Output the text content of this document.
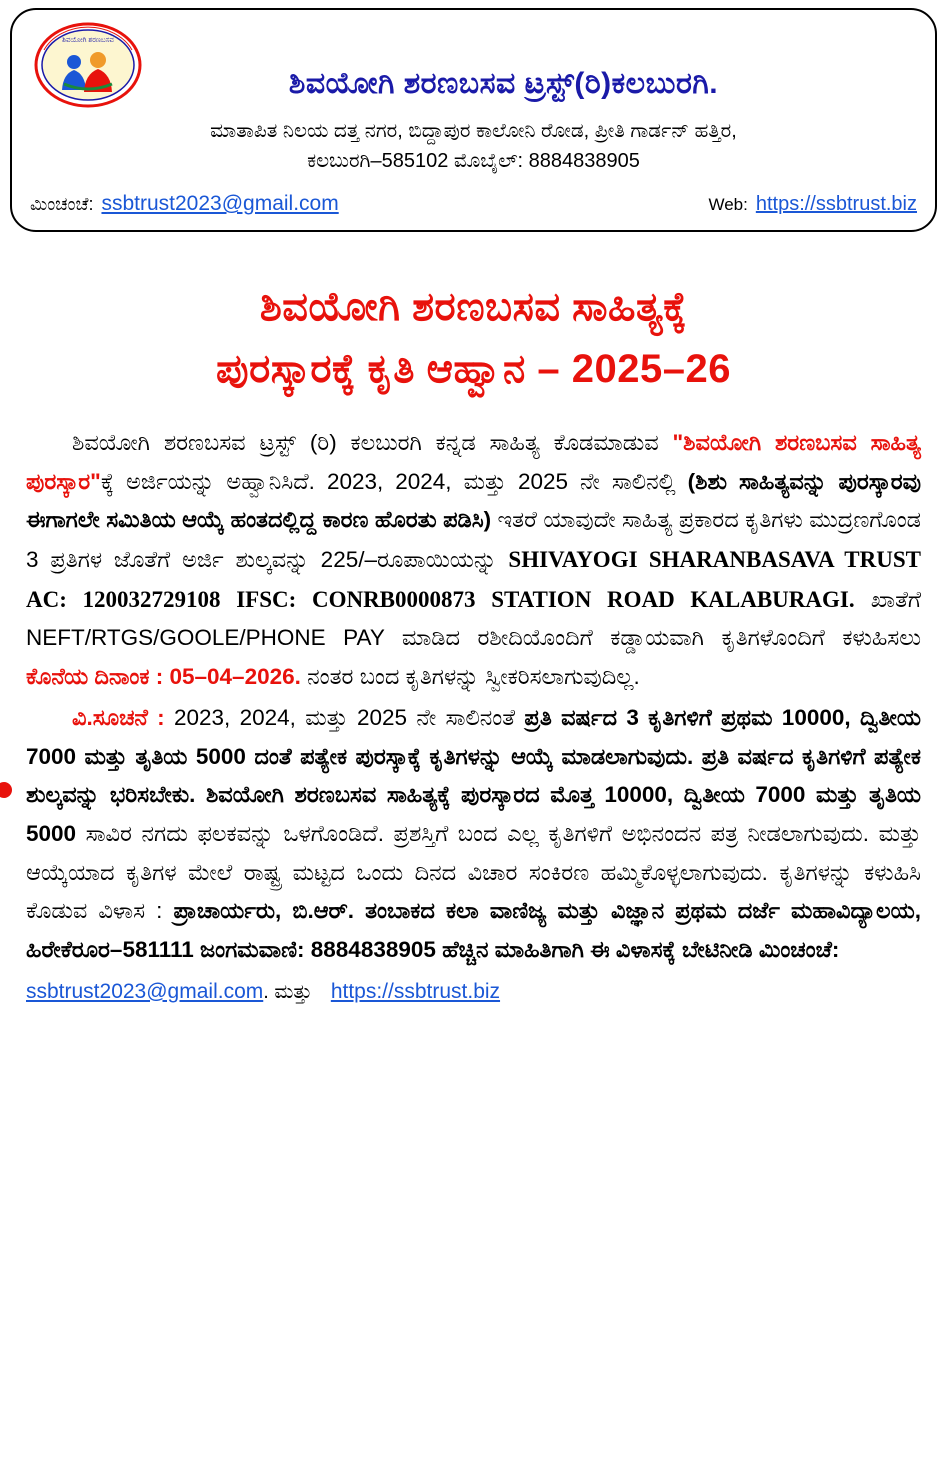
ಶಿವಯೋಗಿ ಶರಣಬಸವ
ಶಿವಯೋಗಿ ಶರಣಬಸವ ಟ್ರಸ್ಟ್(ರಿ)ಕಲಬುರಗಿ.
ಮಾತಾಪಿತ ನಿಲಯ ದತ್ತ ನಗರ, ಬಿದ್ದಾಪುರ ಕಾಲೋನಿ ರೋಡ, ಪ್ರೀತಿ ಗಾರ್ಡನ್ ಹತ್ತಿರ,
ಕಲಬುರಗಿ–585102 ಮೊಬೈಲ್: 8884838905
ಮಿಂಚಂಚೆ: ssbtrust2023@gmail.com	Web: https://ssbtrust.biz
ಶಿವಯೋಗಿ ಶರಣಬಸವ ಸಾಹಿತ್ಯಕ್ಕೆ
ಪುರಸ್ಕಾರಕ್ಕೆ ಕೃತಿ ಆಹ್ವಾನ – 2025–26

ಶಿವಯೋಗಿ ಶರಣಬಸವ ಟ್ರಸ್ಟ್ (ರಿ) ಕಲಬುರಗಿ ಕನ್ನಡ ಸಾಹಿತ್ಯ ಕೊಡಮಾಡುವ "ಶಿವಯೋಗಿ ಶರಣಬಸವ ಸಾಹಿತ್ಯ ಪುರಸ್ಕಾರ"ಕ್ಕೆ ಅರ್ಜಿಯನ್ನು ಅಹ್ವಾನಿಸಿದೆ. 2023, 2024, ಮತ್ತು 2025 ನೇ ಸಾಲಿನಲ್ಲಿ (ಶಿಶು ಸಾಹಿತ್ಯವನ್ನು ಪುರಸ್ಕಾರವು ಈಗಾಗಲೇ ಸಮಿತಿಯ ಆಯ್ಕೆ ಹಂತದಲ್ಲಿದ್ದ ಕಾರಣ ಹೊರತು ಪಡಿಸಿ) ಇತರೆ ಯಾವುದೇ ಸಾಹಿತ್ಯ ಪ್ರಕಾರದ ಕೃತಿಗಳು ಮುದ್ರಣಗೊಂಡ 3 ಪ್ರತಿಗಳ ಜೊತೆಗೆ ಅರ್ಜಿ ಶುಲ್ಕವನ್ನು 225/–ರೂಪಾಯಿಯನ್ನು SHIVAYOGI SHARANBASAVA TRUST AC: 120032729108 IFSC: CONRB0000873 STATION ROAD KALABURAGI. ಖಾತೆಗೆ NEFT/RTGS/GOOLE/PHONE PAY ಮಾಡಿದ ರಶೀದಿಯೊಂದಿಗೆ ಕಡ್ಡಾಯವಾಗಿ ಕೃತಿಗಳೊಂದಿಗೆ ಕಳುಹಿಸಲು ಕೊನೆಯ ದಿನಾಂಕ : 05–04–2026. ನಂತರ ಬಂದ ಕೃತಿಗಳನ್ನು ಸ್ವೀಕರಿಸಲಾಗುವುದಿಲ್ಲ.

ವಿ.ಸೂಚನೆ : 2023, 2024, ಮತ್ತು 2025 ನೇ ಸಾಲಿನಂತೆ ಪ್ರತಿ ವರ್ಷದ 3 ಕೃತಿಗಳಿಗೆ ಪ್ರಥಮ 10000, ದ್ವಿತೀಯ 7000 ಮತ್ತು ತೃತಿಯ 5000 ದಂತೆ ಪತ್ಯೇಕ ಪುರಸ್ಕಾಕ್ಕೆ ಕೃತಿಗಳನ್ನು ಆಯ್ಕೆ ಮಾಡಲಾಗುವುದು. ಪ್ರತಿ ವರ್ಷದ ಕೃತಿಗಳಿಗೆ ಪತ್ಯೇಕ ಶುಲ್ಕವನ್ನು ಭರಿಸಬೇಕು. ಶಿವಯೋಗಿ ಶರಣಬಸವ ಸಾಹಿತ್ಯಕ್ಕೆ ಪುರಸ್ಕಾರದ ಮೊತ್ತ 10000, ದ್ವಿತೀಯ 7000 ಮತ್ತು ತೃತಿಯ 5000 ಸಾವಿರ ನಗದು ಫಲಕವನ್ನು ಒಳಗೊಂಡಿದೆ. ಪ್ರಶಸ್ತಿಗೆ ಬಂದ ಎಲ್ಲ ಕೃತಿಗಳಿಗೆ ಅಭಿನಂದನ ಪತ್ರ ನೀಡಲಾಗುವುದು. ಮತ್ತು ಆಯ್ಕೆಯಾದ ಕೃತಿಗಳ ಮೇಲೆ ರಾಷ್ಟ್ರ ಮಟ್ಟದ ಒಂದು ದಿನದ ವಿಚಾರ ಸಂಕಿರಣ ಹಮ್ಮಿಕೊಳ್ಳಲಾಗುವುದು. ಕೃತಿಗಳನ್ನು ಕಳುಹಿಸಿ ಕೊಡುವ ವಿಳಾಸ : ಪ್ರಾಚಾರ್ಯರು, ಬಿ.ಆರ್. ತಂಬಾಕದ ಕಲಾ ವಾಣಿಜ್ಯ ಮತ್ತು ವಿಜ್ಞಾನ ಪ್ರಥಮ ದರ್ಜೆ ಮಹಾವಿದ್ಯಾಲಯ, ಹಿರೇಕೆರೂರ–581111 ಜಂಗಮವಾಣಿ: 8884838905 ಹೆಚ್ಚಿನ ಮಾಹಿತಿಗಾಗಿ ಈ ವಿಳಾಸಕ್ಕೆ ಬೇಟಿನೀಡಿ ಮಿಂಚಂಚೆ:

ssbtrust2023@gmail.com. ಮತ್ತು https://ssbtrust.biz
